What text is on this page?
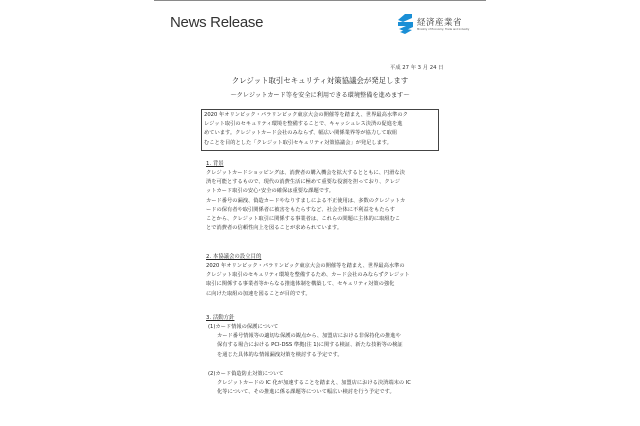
News Release	経済産業省
Ministry of Economy, Trade and Industry
平成 27 年 3 月 24 日
クレジット取引セキュリティ対策協議会が発足します
～クレジットカード等を安全に利用できる環境整備を進めます～

2020 年オリンピック・パラリンピック東京大会の開催等を踏まえ、世界最高水準のク

レジット取引のセキュリティ環境を整備することで、キャッシュレス決済の促進を進

めています。クレジットカード会社のみならず、幅広い関係業界等が協力して取組

むことを目的とした「クレジット取引セキュリティ対策協議会」が発足します。

1. 背景

クレジットカードショッピングは、消費者の購入機会を拡大するとともに、円滑な決

済を可能とするもので、現代の消費生活に極めて重要な役割を担っており、クレジ

ットカード取引の安心･安全の確保は重要な課題です。

カード番号の漏洩、偽造カードやなりすましによる不正使用は、多数のクレジットカ

ードの保有者や取引関係者に被害をもたらすなど、社会全体に不利益をもたらす

ことから、クレジット取引に関係する事業者は、これらの問題に主体的に取組むこ

とで消費者の信頼性向上を図ることが求められています。

2. 本協議会の設立目的

2020 年オリンピック・パラリンピック東京大会の開催等を踏まえ、世界最高水準の

クレジット取引のセキュリティ環境を整備するため、カード会社のみならずクレジット

取引に関係する事業者等からなる推進体制を構築して、セキュリティ対策の強化

に向けた取組の加速を図ることが目的です。

3. 活動方針

(1)カード情報の保護について

カード番号情報等の適切な保護の観点から、加盟店における非保持化の推進や

保有する場合における PCI-DSS 準拠(注 1)に関する検証、新たな技術等の検証

を通じた具体的な情報漏洩対策を検討する予定です。

(2)カード偽造防止対策について

クレジットカードの IC 化が加速することを踏まえ、加盟店における決済端末の IC

化等について、その推進に係る課題等について幅広い検討を行う予定です。
